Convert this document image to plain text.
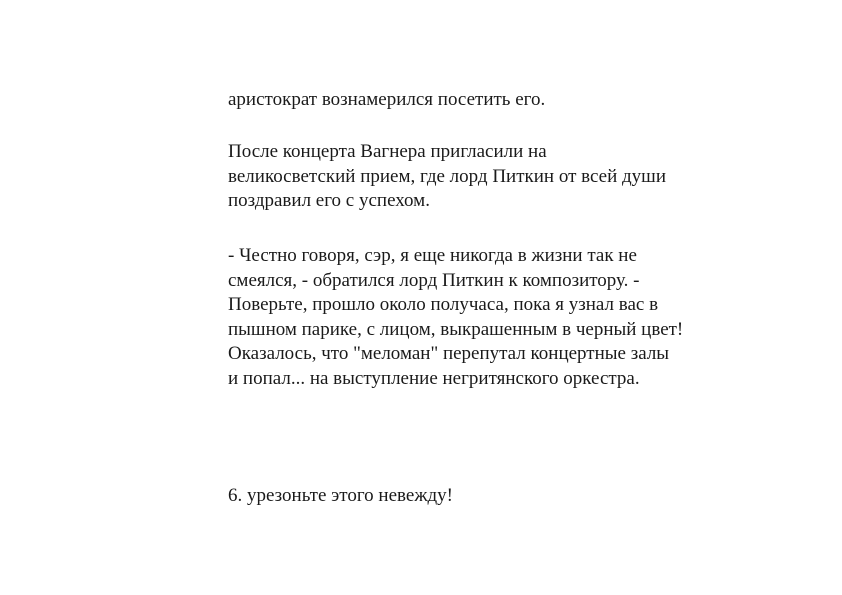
аристократ вознамерился посетить его.
После концерта Вагнера пригласили на
великосветский прием, где лорд Питкин от всей души
поздравил его с успехом.
- Честно говоря, сэр, я еще никогда в жизни так не
смеялся, - обратился лорд Питкин к композитору. -
Поверьте, прошло около получаса, пока я узнал вас в
пышном парике, с лицом, выкрашенным в черный цвет!
Оказалось, что "меломан" перепутал концертные залы
и попал... на выступление негритянского оркестра.
6. урезоньте этого невежду!
